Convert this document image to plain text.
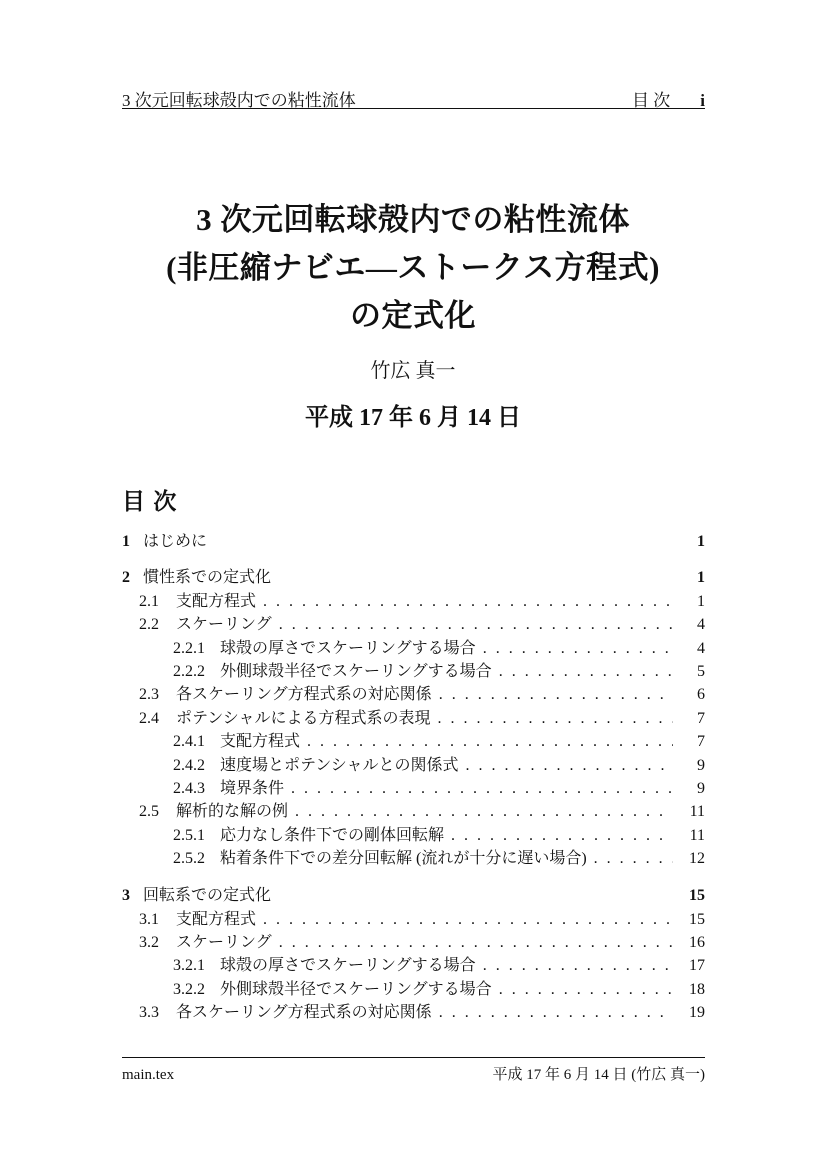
3 次元回転球殻内での粘性流体	目 次 i
3 次元回転球殻内での粘性流体
(非圧縮ナビエ—ストークス方程式)
の定式化
竹広 真一
平成 17 年 6 月 14 日
目 次
1 はじめに	1
2 慣性系での定式化	1
2.1	支配方程式 . . .	1
2.2	スケーリング . . .	4
2.2.1 球殻の厚さでスケーリングする場合 . . .	4
2.2.2 外側球殻半径でスケーリングする場合 . . .	5
2.3	各スケーリング方程式系の対応関係 . . .	6
2.4	ポテンシャルによる方程式系の表現 . . .	7
2.4.1 支配方程式 . . .	7
2.4.2 速度場とポテンシャルとの関係式 . . .	9
2.4.3 境界条件 . . .	9
2.5	解析的な解の例 . . .	11
2.5.1 応力なし条件下での剛体回転解 . . .	11
2.5.2 粘着条件下での差分回転解 (流れが十分に遅い場合) . . .	12
3 回転系での定式化	15
3.1	支配方程式 . . .	15
3.2	スケーリング . . .	16
3.2.1 球殻の厚さでスケーリングする場合 . . .	17
3.2.2 外側球殻半径でスケーリングする場合 . . .	18
3.3	各スケーリング方程式系の対応関係 . . .	19
main.tex	平成 17 年 6 月 14 日 (竹広 真一)
